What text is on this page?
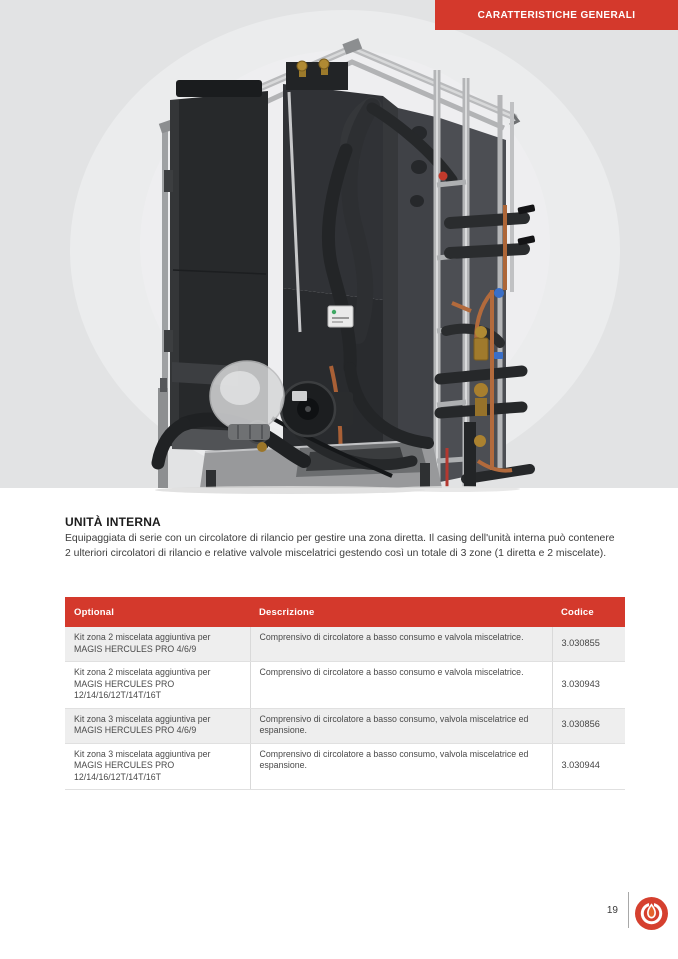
CARATTERISTICHE GENERALI
UNITÀ INTERNA

Equipaggiata di serie con un circolatore di rilancio per gestire una zona diretta. Il casing dell'unità interna può contenere 2 ulteriori circolatori di rilancio e relative valvole miscelatrici gestendo così un totale di 3 zone (1 diretta e 2 miscelate).

Optional	Descrizione	Codice
Kit zona 2 miscelata aggiuntiva per MAGIS HERCULES PRO 4/6/9	Comprensivo di circolatore a basso consumo e valvola miscelatrice.	3.030855
Kit zona 2 miscelata aggiuntiva per MAGIS HERCULES PRO 12/14/16/12T/14T/16T	Comprensivo di circolatore a basso consumo e valvola miscelatrice.	3.030943
Kit zona 3 miscelata aggiuntiva per MAGIS HERCULES PRO 4/6/9	Comprensivo di circolatore a basso consumo, valvola miscelatrice ed espansione.	3.030856
Kit zona 3 miscelata aggiuntiva per MAGIS HERCULES PRO 12/14/16/12T/14T/16T	Comprensivo di circolatore a basso consumo, valvola miscelatrice ed espansione.	3.030944
19
